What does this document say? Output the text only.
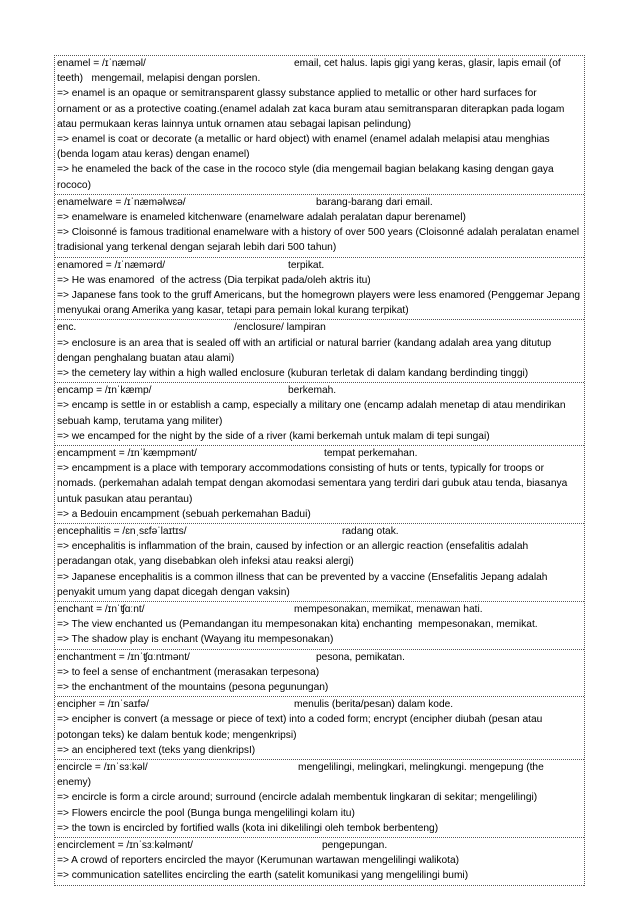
enamel = /ɪˈnæməl/	email, cet halus. lapis gigi yang keras, glasir, lapis email (of
teeth)   mengemail, melapisi dengan porslen.
=> enamel is an opaque or semitransparent glassy substance applied to metallic or other hard surfaces for ornament or as a protective coating.(enamel adalah zat kaca buram atau semitransparan diterapkan pada logam atau permukaan keras lainnya untuk ornamen atau sebagai lapisan pelindung)
=> enamel is coat or decorate (a metallic or hard object) with enamel (enamel adalah melapisi atau menghias (benda logam atau keras) dengan enamel)
=> he enameled the back of the case in the rococo style (dia mengemail bagian belakang kasing dengan gaya rococo)
enamelware = /ɪˈnæməlwɛə/	barang-barang dari email.
=> enamelware is enameled kitchenware (enamelware adalah peralatan dapur berenamel)
=> Cloisonné is famous traditional enamelware with a history of over 500 years (Cloisonné adalah peralatan enamel tradisional yang terkenal dengan sejarah lebih dari 500 tahun)
enamored = /ɪˈnæmərd/	terpikat.
=> He was enamored  of the actress (Dia terpikat pada/oleh aktris itu)
=> Japanese fans took to the gruff Americans, but the homegrown players were less enamored (Penggemar Jepang menyukai orang Amerika yang kasar, tetapi para pemain lokal kurang terpikat)
enc.	/enclosure/ lampiran
=> enclosure is an area that is sealed off with an artificial or natural barrier (kandang adalah area yang ditutup dengan penghalang buatan atau alami)
=> the cemetery lay within a high walled enclosure (kuburan terletak di dalam kandang berdinding tinggi)
encamp = /ɪnˈkæmp/	berkemah.
=> encamp is settle in or establish a camp, especially a military one (encamp adalah menetap di atau mendirikan sebuah kamp, terutama yang militer)
=> we encamped for the night by the side of a river (kami berkemah untuk malam di tepi sungai)
encampment = /ɪnˈkæmpmənt/	tempat perkemahan.
=> encampment is a place with temporary accommodations consisting of huts or tents, typically for troops or nomads. (perkemahan adalah tempat dengan akomodasi sementara yang terdiri dari gubuk atau tenda, biasanya untuk pasukan atau perantau)
=> a Bedouin encampment (sebuah perkemahan Badui)
encephalitis = /ɛnˌsɛfəˈlaɪtɪs/	radang otak.
=> encephalitis is inflammation of the brain, caused by infection or an allergic reaction (ensefalitis adalah peradangan otak, yang disebabkan oleh infeksi atau reaksi alergi)
=> Japanese encephalitis is a common illness that can be prevented by a vaccine (Ensefalitis Jepang adalah penyakit umum yang dapat dicegah dengan vaksin)
enchant = /ɪnˈʧɑːnt/	mempesonakan, memikat, menawan hati.
=> The view enchanted us (Pemandangan itu mempesonakan kita) enchanting  mempesonakan, memikat.
=> The shadow play is enchant (Wayang itu mempesonakan)
enchantment = /ɪnˈʧɑːntmənt/	pesona, pemikatan.
=> to feel a sense of enchantment (merasakan terpesona)
=> the enchantment of the mountains (pesona pegunungan)
encipher = /ɪnˈsaɪfə/	menulis (berita/pesan) dalam kode.
=> encipher is convert (a message or piece of text) into a coded form; encrypt (encipher diubah (pesan atau potongan teks) ke dalam bentuk kode; mengenkripsi)
=> an enciphered text (teks yang dienkripsI)
encircle = /ɪnˈsɜːkəl/	mengelilingi, melingkari, melingkungi. mengepung (the
enemy)
=> encircle is form a circle around; surround (encircle adalah membentuk lingkaran di sekitar; mengelilingi)
=> Flowers encircle the pool (Bunga bunga mengelilingi kolam itu)
=> the town is encircled by fortified walls (kota ini dikelilingi oleh tembok berbenteng)
encirclement = /ɪnˈsɜːkəlmənt/	pengepungan.
=> A crowd of reporters encircled the mayor (Kerumunan wartawan mengelilingi walikota)
=> communication satellites encircling the earth (satelit komunikasi yang mengelilingi bumi)
